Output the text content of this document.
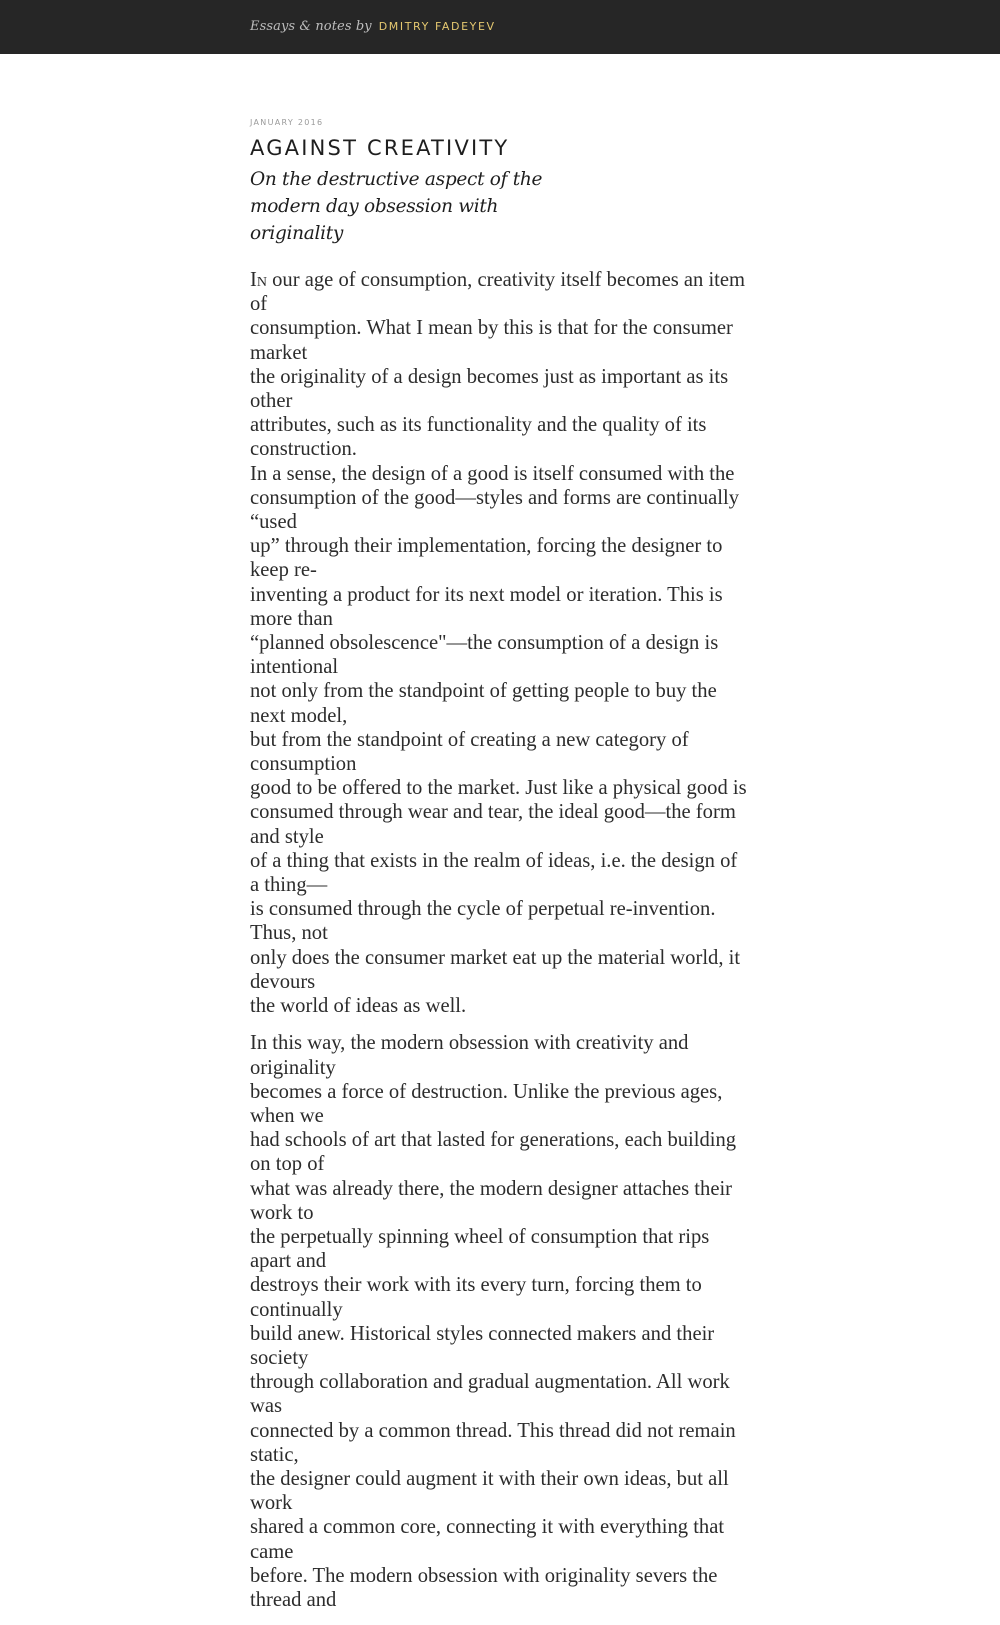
Essays & notes by DMITRY FADEYEV
JANUARY 2016
AGAINST CREATIVITY
On the destructive aspect of the
modern day obsession with originality

In our age of consumption, creativity itself becomes an item of
consumption. What I mean by this is that for the consumer market
the originality of a design becomes just as important as its other
attributes, such as its functionality and the quality of its construction.
In a sense, the design of a good is itself consumed with the
consumption of the good—styles and forms are continually “used
up” through their implementation, forcing the designer to keep re-
inventing a product for its next model or iteration. This is more than
“planned obsolescence"—the consumption of a design is intentional
not only from the standpoint of getting people to buy the next model,
but from the standpoint of creating a new category of consumption
good to be offered to the market. Just like a physical good is
consumed through wear and tear, the ideal good—the form and style
of a thing that exists in the realm of ideas, i.e. the design of a thing—
is consumed through the cycle of perpetual re-invention. Thus, not
only does the consumer market eat up the material world, it devours
the world of ideas as well.

In this way, the modern obsession with creativity and originality
becomes a force of destruction. Unlike the previous ages, when we
had schools of art that lasted for generations, each building on top of
what was already there, the modern designer attaches their work to
the perpetually spinning wheel of consumption that rips apart and
destroys their work with its every turn, forcing them to continually
build anew. Historical styles connected makers and their society
through collaboration and gradual augmentation. All work was
connected by a common thread. This thread did not remain static,
the designer could augment it with their own ideas, but all work
shared a common core, connecting it with everything that came
before. The modern obsession with originality severs the thread and
